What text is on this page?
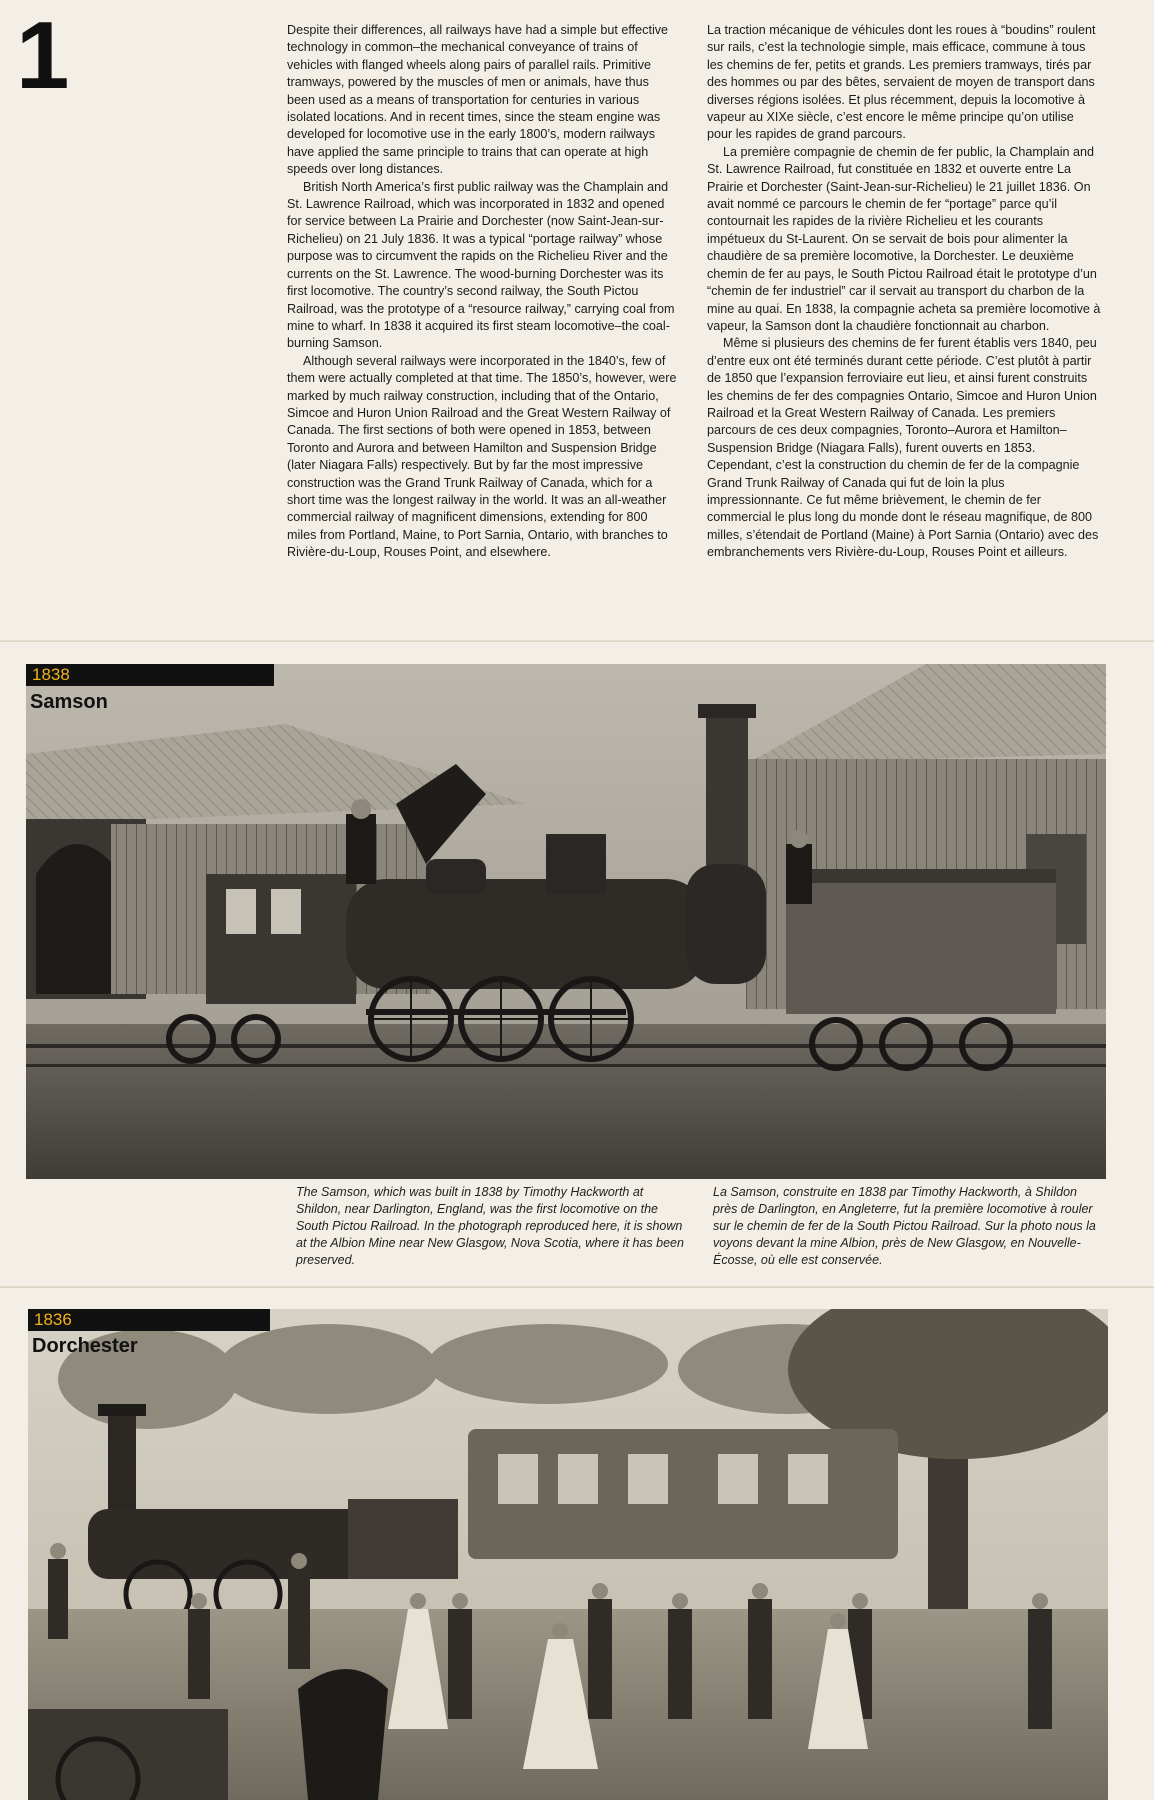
1	Despite their differences, all railways have had a simple but effective technology in common–the mechanical conveyance of trains of vehicles with flanged wheels along pairs of parallel rails. Primitive tramways, powered by the muscles of men or animals, have thus been used as a means of transportation for centuries in various isolated locations. And in recent times, since the steam engine was developed for locomotive use in the early 1800’s, modern railways have applied the same principle to trains that can operate at high speeds over long distances.

British North America’s first public railway was the Champlain and St. Lawrence Railroad, which was incorporated in 1832 and opened for service between La Prairie and Dorchester (now Saint-Jean-sur-Richelieu) on 21 July 1836. It was a typical “portage railway” whose purpose was to circumvent the rapids on the Richelieu River and the currents on the St. Lawrence. The wood-burning Dorchester was its first locomotive. The country’s second railway, the South Pictou Railroad, was the prototype of a “resource railway,” carrying coal from mine to wharf. In 1838 it acquired its first steam locomotive–the coal-burning Samson.

Although several railways were incorporated in the 1840’s, few of them were actually completed at that time. The 1850’s, however, were marked by much railway construction, including that of the Ontario, Simcoe and Huron Union Railroad and the Great Western Railway of Canada. The first sections of both were opened in 1853, between Toronto and Aurora and between Hamilton and Suspension Bridge (later Niagara Falls) respectively. But by far the most impressive construction was the Grand Trunk Railway of Canada, which for a short time was the longest railway in the world. It was an all-weather commercial railway of magnificent dimensions, extending for 800 miles from Portland, Maine, to Port Sarnia, Ontario, with branches to Rivière-du-Loup, Rouses Point, and elsewhere.

La traction mécanique de véhicules dont les roues à “boudins” roulent sur rails, c’est la technologie simple, mais efficace, commune à tous les chemins de fer, petits et grands. Les premiers tramways, tirés par des hommes ou par des bêtes, servaient de moyen de transport dans diverses régions isolées. Et plus récemment, depuis la locomotive à vapeur au XIXe siècle, c’est encore le même principe qu’on utilise pour les rapides de grand parcours.

La première compagnie de chemin de fer public, la Champlain and St. Lawrence Railroad, fut constituée en 1832 et ouverte entre La Prairie et Dorchester (Saint-Jean-sur-Richelieu) le 21 juillet 1836. On avait nommé ce parcours le chemin de fer “portage” parce qu’il contournait les rapides de la rivière Richelieu et les courants impétueux du St-Laurent. On se servait de bois pour alimenter la chaudière de sa première locomotive, la Dorchester. Le deuxième chemin de fer au pays, le South Pictou Railroad était le prototype d’un “chemin de fer industriel” car il servait au transport du charbon de la mine au quai. En 1838, la compagnie acheta sa première locomotive à vapeur, la Samson dont la chaudière fonctionnait au charbon.

Même si plusieurs des chemins de fer furent établis vers 1840, peu d’entre eux ont été terminés durant cette période. C’est plutôt à partir de 1850 que l’expansion ferroviaire eut lieu, et ainsi furent construits les chemins de fer des compagnies Ontario, Simcoe and Huron Union Railroad et la Great Western Railway of Canada. Les premiers parcours de ces deux compagnies, Toronto–Aurora et Hamilton–Suspension Bridge (Niagara Falls), furent ouverts en 1853. Cependant, c’est la construction du chemin de fer de la compagnie Grand Trunk Railway of Canada qui fut de loin la plus impressionnante. Ce fut même brièvement, le chemin de fer commercial le plus long du monde dont le réseau magnifique, de 800 milles, s’étendait de Portland (Maine) à Port Sarnia (Ontario) avec des embranchements vers Rivière-du-Loup, Rouses Point et ailleurs.

1838
Samson
The Samson, which was built in 1838 by Timothy Hackworth at Shildon, near Darlington, England, was the first locomotive on the South Pictou Railroad. In the photograph reproduced here, it is shown at the Albion Mine near New Glasgow, Nova Scotia, where it has been preserved.
La Samson, construite en 1838 par Timothy Hackworth, à Shildon près de Darlington, en Angleterre, fut la première locomotive à rouler sur le chemin de fer de la South Pictou Railroad. Sur la photo nous la voyons devant la mine Albion, près de New Glasgow, en Nouvelle-Écosse, où elle est conservée.
1836
Dorchester
